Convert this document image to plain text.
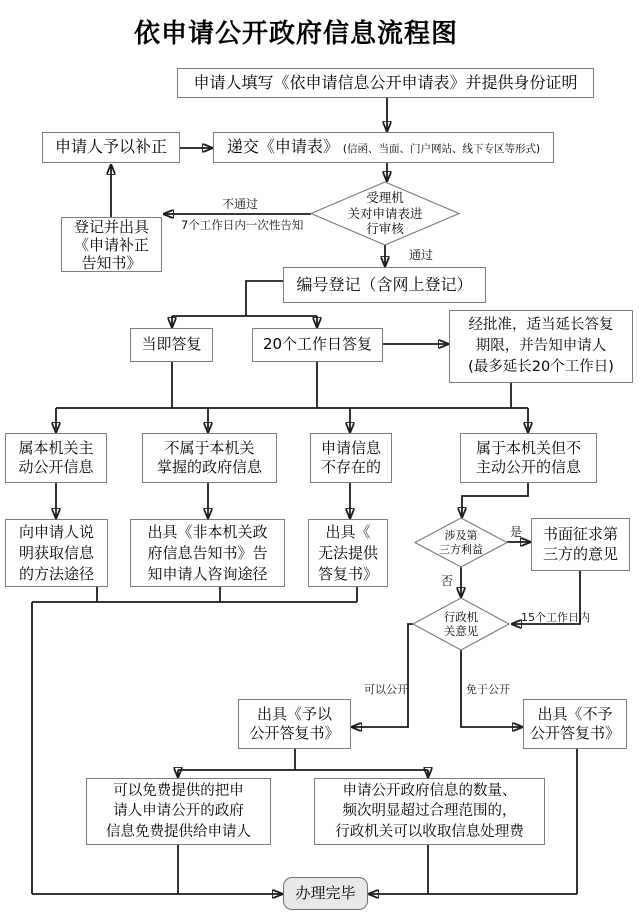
依申请公开政府信息流程图
申请人填写《依申请信息公开申请表》并提供身份证明
申请人予以补正	递交《申请表》 (信函、当面、门户网站、线下专区等形式)
登记并出具
《申请补正
告知书》
受理机
关对申请表进
行审核
编号登记（含网上登记）
当即答复	20个工作日答复
经批准，适当延长答复
期限，并告知申请人
(最多延长20个工作日)
属本机关主
动公开信息
不属于本机关
掌握的政府信息
申请信息
不存在的
属于本机关但不
主动公开的信息
向申请人说
明获取信息
的方法途径
出具《非本机关政
府信息告知书》告
知申请人咨询途径
出具《
无法提供
答复书》
涉及第
三方利益
书面征求第
三方的意见
行政机
关意见
出具《予以
公开答复书》
出具《不予
公开答复书》
可以免费提供的把申
请人申请公开的政府
信息免费提供给申请人
申请公开政府信息的数量、
频次明显超过合理范围的，
行政机关可以收取信息处理费
办理完毕
不通过
7个工作日内一次性告知
通过
是
否
15个工作日内
可以公开	免于公开
